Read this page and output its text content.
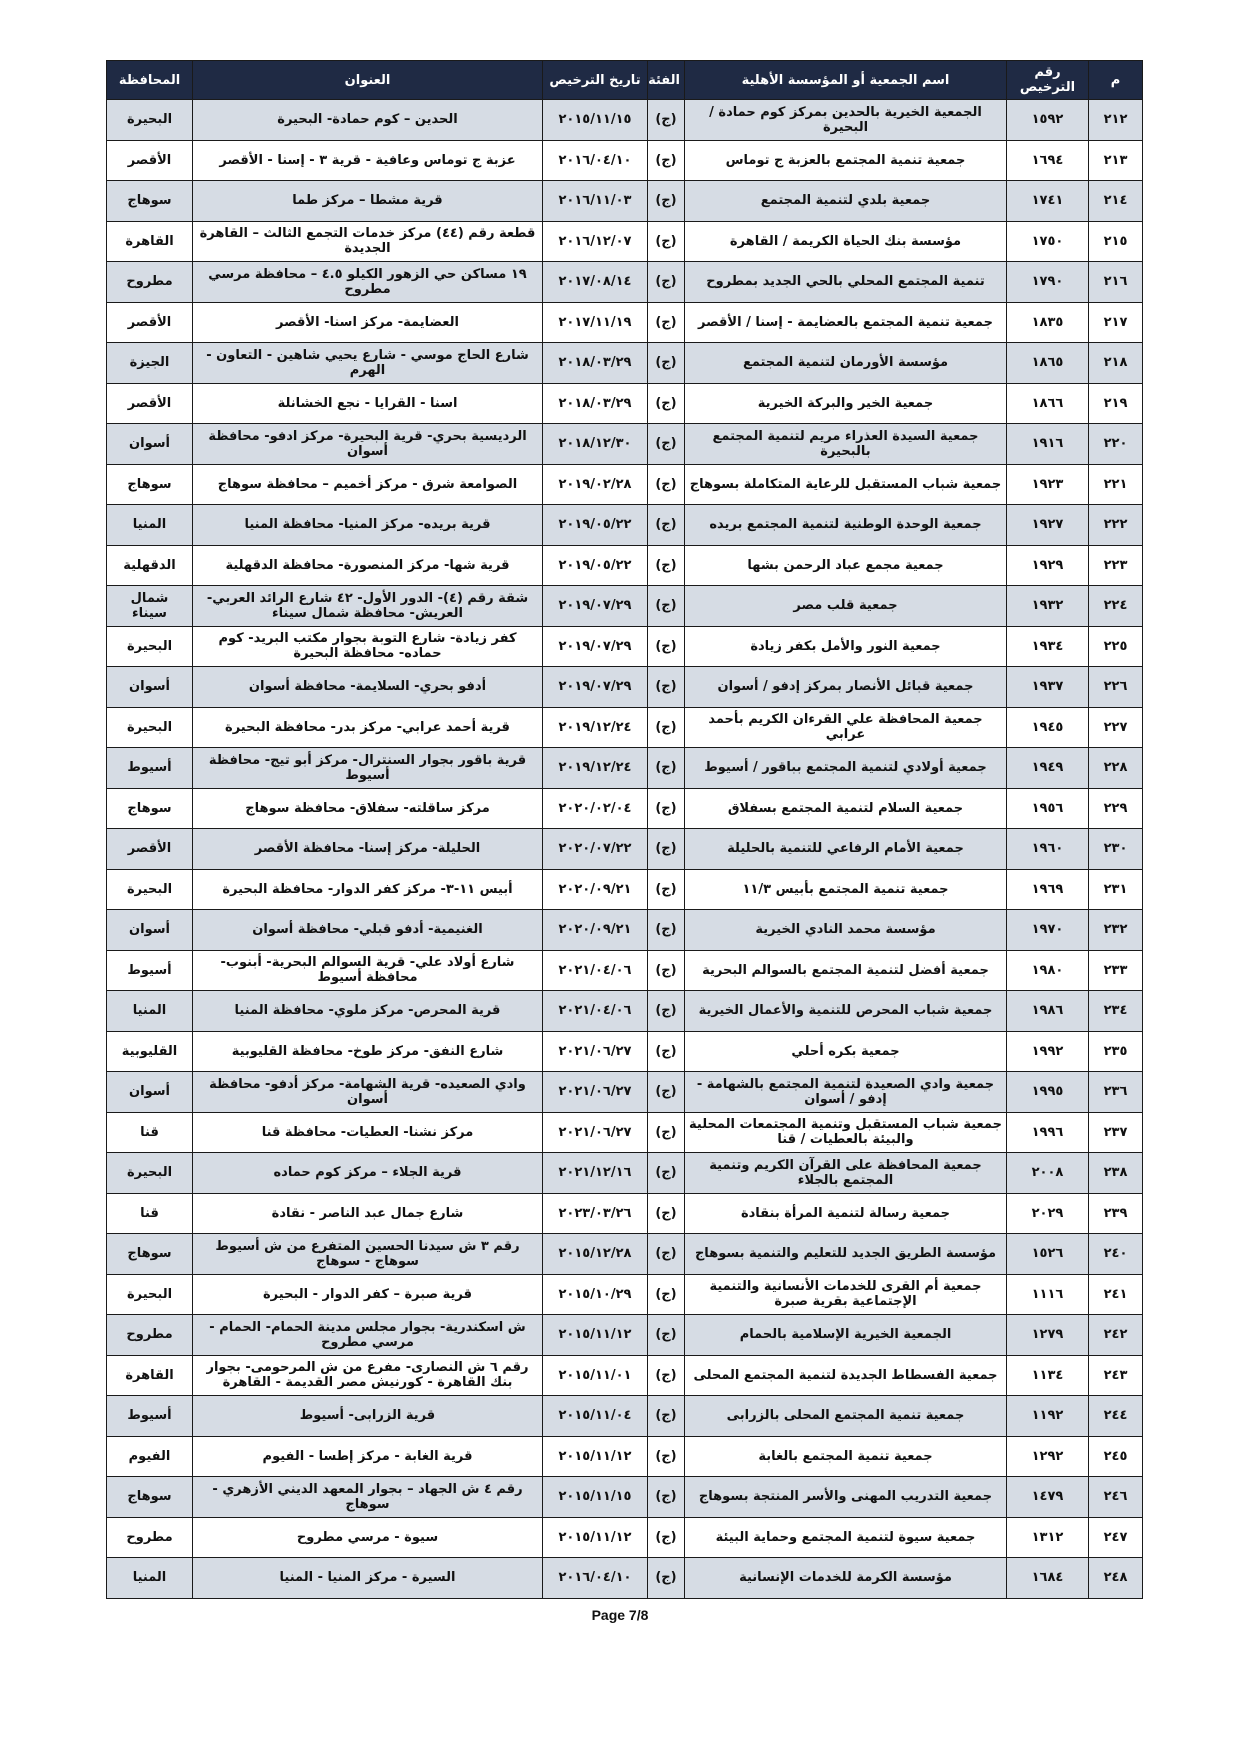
م	رقم الترخيص	اسم الجمعية أو المؤسسة الأهلية	الفئة	تاريخ الترخيص	العنوان	المحافظة
٢١٢	١٥٩٢	الجمعية الخيرية بالحدين بمركز كوم حمادة / البحيرة	(ج)	٢٠١٥/١١/١٥	الحدين – كوم حمادة- البحيرة	البحيرة
٢١٣	١٦٩٤	جمعية تنمية المجتمع بالعزبة ج توماس	(ج)	٢٠١٦/٠٤/١٠	عزبة ج توماس وعافية - قرية ٣ - إسنا - الأقصر	الأقصر
٢١٤	١٧٤١	جمعية بلدي لتنمية المجتمع	(ج)	٢٠١٦/١١/٠٣	قرية مشطا – مركز طما	سوهاج
٢١٥	١٧٥٠	مؤسسة بنك الحياة الكريمة / القاهرة	(ج)	٢٠١٦/١٢/٠٧	قطعة رقم (٤٤) مركز خدمات التجمع الثالث – القاهرة الجديدة	القاهرة
٢١٦	١٧٩٠	تنمية المجتمع المحلي بالحي الجديد بمطروح	(ج)	٢٠١٧/٠٨/١٤	١٩ مساكن حي الزهور الكيلو ٤.٥ – محافظة مرسي مطروح	مطروح
٢١٧	١٨٣٥	جمعية تنمية المجتمع بالعضايمة - إسنا / الأقصر	(ج)	٢٠١٧/١١/١٩	العضايمة- مركز اسنا- الأقصر	الأقصر
٢١٨	١٨٦٥	مؤسسة الأورمان لتنمية المجتمع	(ج)	٢٠١٨/٠٣/٢٩	شارع الحاج موسي - شارع يحيي شاهين - التعاون - الهرم	الجيزة
٢١٩	١٨٦٦	جمعية الخير والبركة الخيرية	(ج)	٢٠١٨/٠٣/٢٩	اسنا - القرايا - نجع الخشانلة	الأقصر
٢٢٠	١٩١٦	جمعية السيدة العذراء مريم لتنمية المجتمع بالبحيرة	(ج)	٢٠١٨/١٢/٣٠	الرديسية بحري- قرية البحيرة- مركز ادفو- محافظة أسوان	أسوان
٢٢١	١٩٢٣	جمعية شباب المستقبل للرعاية المتكاملة بسوهاج	(ج)	٢٠١٩/٠٢/٢٨	الصوامعة شرق - مركز أخميم – محافظة سوهاج	سوهاج
٢٢٢	١٩٢٧	جمعية الوحدة الوطنية لتنمية المجتمع بريده	(ج)	٢٠١٩/٠٥/٢٢	قرية بريده- مركز المنيا- محافظة المنيا	المنيا
٢٢٣	١٩٢٩	جمعية مجمع عباد الرحمن بشها	(ج)	٢٠١٩/٠٥/٢٢	قرية شها- مركز المنصورة- محافظة الدقهلية	الدقهلية
٢٢٤	١٩٣٢	جمعية قلب مصر	(ج)	٢٠١٩/٠٧/٢٩	شقة رقم (٤)- الدور الأول- ٤٢ شارع الرائد العربي- العريش- محافظة شمال سيناء	شمال سيناء
٢٢٥	١٩٣٤	جمعية النور والأمل بكفر زيادة	(ج)	٢٠١٩/٠٧/٢٩	كفر زيادة- شارع التوبة بجوار مكتب البريد- كوم حماده- محافظة البحيرة	البحيرة
٢٢٦	١٩٣٧	جمعية قبائل الأنصار بمركز إدفو / أسوان	(ج)	٢٠١٩/٠٧/٢٩	أدفو بحري- السلايمة- محافظة أسوان	أسوان
٢٢٧	١٩٤٥	جمعية المحافظة علي القرءان الكريم بأحمد عرابي	(ج)	٢٠١٩/١٢/٢٤	قرية أحمد عرابي- مركز بدر- محافظة البحيرة	البحيرة
٢٢٨	١٩٤٩	جمعية أولادي لتنمية المجتمع بباقور / أسيوط	(ج)	٢٠١٩/١٢/٢٤	قرية باقور بجوار السنترال- مركز أبو تيج- محافظة أسيوط	أسيوط
٢٢٩	١٩٥٦	جمعية السلام لتنمية المجتمع بسفلاق	(ج)	٢٠٢٠/٠٢/٠٤	مركز ساقلته- سفلاق- محافظة سوهاج	سوهاج
٢٣٠	١٩٦٠	جمعية الأمام الرفاعي للتنمية بالحليلة	(ج)	٢٠٢٠/٠٧/٢٢	الحليلة- مركز إسنا- محافظة الأقصر	الأقصر
٢٣١	١٩٦٩	جمعية تنمية المجتمع بأبيس ١١/٣	(ج)	٢٠٢٠/٠٩/٢١	أبيس ١١-٣- مركز كفر الدوار- محافظة البحيرة	البحيرة
٢٣٢	١٩٧٠	مؤسسة محمد النادي الخيرية	(ج)	٢٠٢٠/٠٩/٢١	الغنيمية- أدفو قبلي- محافظة أسوان	أسوان
٢٣٣	١٩٨٠	جمعية أفضل لتنمية المجتمع بالسوالم البحرية	(ج)	٢٠٢١/٠٤/٠٦	شارع أولاد علي- قرية السوالم البحرية- أبنوب- محافظة أسيوط	أسيوط
٢٣٤	١٩٨٦	جمعية شباب المحرص للتنمية والأعمال الخيرية	(ج)	٢٠٢١/٠٤/٠٦	قرية المحرص- مركز ملوي- محافظة المنيا	المنيا
٢٣٥	١٩٩٢	جمعية بكره أحلي	(ج)	٢٠٢١/٠٦/٢٧	شارع النفق- مركز طوخ- محافظة القليوبية	القليوبية
٢٣٦	١٩٩٥	جمعية وادي الصعيدة لتنمية المجتمع بالشهامة - إدفو / أسوان	(ج)	٢٠٢١/٠٦/٢٧	وادي الصعيده- قرية الشهامة- مركز أدفو- محافظة أسوان	أسوان
٢٣٧	١٩٩٦	جمعية شباب المستقبل وتنمية المجتمعات المحلية والبيئة بالعطيات / قنا	(ج)	٢٠٢١/٠٦/٢٧	مركز نشنا- العطيات- محافظة قنا	قنا
٢٣٨	٢٠٠٨	جمعية المحافظة على القرآن الكريم وتنمية المجتمع بالجلاء	(ج)	٢٠٢١/١٢/١٦	قرية الجلاء – مركز كوم حماده	البحيرة
٢٣٩	٢٠٢٩	جمعية رسالة لتنمية المرأة بنقادة	(ج)	٢٠٢٣/٠٣/٢٦	شارع جمال عبد الناصر - نقادة	قنا
٢٤٠	١٥٢٦	مؤسسة الطريق الجديد للتعليم والتنمية بسوهاج	(ج)	٢٠١٥/١٢/٢٨	رقم ٣ ش سيدنا الحسين المتفرع من ش أسيوط سوهاج - سوهاج	سوهاج
٢٤١	١١١٦	جمعية أم القرى للخدمات الأنسانية والتنمية الإجتماعية بقرية صبرة	(ج)	٢٠١٥/١٠/٢٩	قرية صبرة – كفر الدوار - البحيرة	البحيرة
٢٤٢	١٢٧٩	الجمعية الخيرية الإسلامية بالحمام	(ج)	٢٠١٥/١١/١٢	ش اسكندرية- بجوار مجلس مدينة الحمام- الحمام - مرسي مطروح	مطروح
٢٤٣	١١٣٤	جمعية الفسطاط الجديدة لتنمية المجتمع المحلى	(ج)	٢٠١٥/١١/٠١	رقم ٦ ش النصارى- مفرع من ش المرحومى- بجوار بنك القاهرة - كورنيش مصر القديمة - القاهرة	القاهرة
٢٤٤	١١٩٢	جمعية تنمية المجتمع المحلى بالزرابى	(ج)	٢٠١٥/١١/٠٤	قرية الزرابى- أسيوط	أسيوط
٢٤٥	١٢٩٢	جمعية تنمية المجتمع بالغابة	(ج)	٢٠١٥/١١/١٢	قرية الغابة - مركز إطسا - الفيوم	الفيوم
٢٤٦	١٤٧٩	جمعية التدريب المهنى والأسر المنتجة بسوهاج	(ج)	٢٠١٥/١١/١٥	رقم ٤ ش الجهاد – بجوار المعهد الديني الأزهري - سوهاج	سوهاج
٢٤٧	١٣١٢	جمعية سيوة لتنمية المجتمع وحماية البيئة	(ج)	٢٠١٥/١١/١٢	سيوة - مرسي مطروح	مطروح
٢٤٨	١٦٨٤	مؤسسة الكرمة للخدمات الإنسانية	(ج)	٢٠١٦/٠٤/١٠	السيرة - مركز المنيا - المنيا	المنيا
Page 7/8
